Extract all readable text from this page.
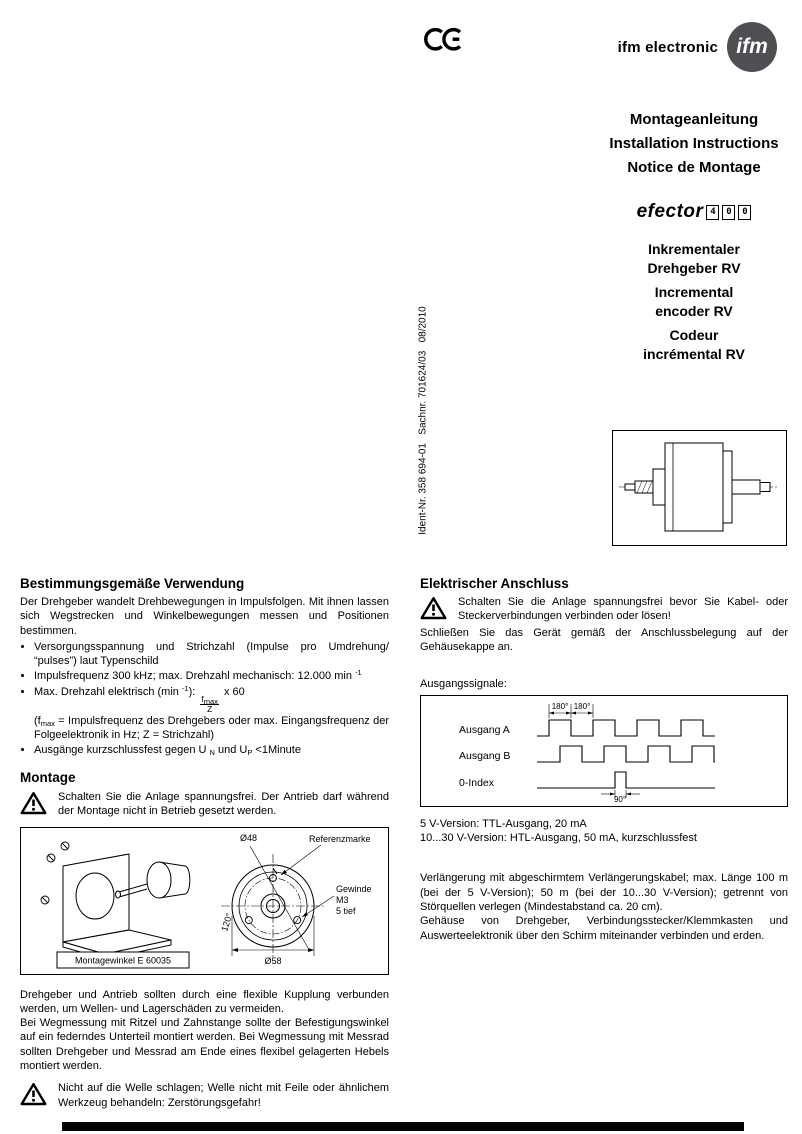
ifm electronic ifm
Montageanleitung
Installation Instructions
Notice de Montage
efector 4	0	0
Inkrementaler
Drehgeber RV
Incremental
encoder RV
Codeur
incrémental RV
Ident-Nr. 358 694-01   Sachnr. 701624/03   08/2010
Bestimmungsgemäße Verwendung

Der Drehgeber wandelt Drehbewegungen in Impulsfolgen. Mit ihnen lassen sich Wegstrecken und Winkelbewegungen messen und Positionen bestimmen.

• Versorgungsspannung und Strichzahl (Impulse pro Umdrehung/ “pulses”) laut Typenschild
• Impulsfrequenz 300 kHz; max. Drehzahl mechanisch: 12.000 min $^{-1}$
• Max. Drehzahl elektrisch (min $^{-1}$):
$\frac{f_{max}}{Z}$
x 60
($f_{max}$ = Impulsfrequenz des Drehgebers oder max. Eingangsfrequenz der Folgeelektronik in Hz; Z = Strichzahl)
• Ausgänge kurzschlussfest gegen U $_N$ und $U_P$ <1Minute
Montage

Schalten Sie die Anlage spannungsfrei. Der Antrieb darf während der Montage nicht in Betrieb gesetzt werden.

Montagewinkel E 60035
Ø48	Referenzmarke
Gewinde
M3
5 tief
120°
Ø58

Drehgeber und Antrieb sollten durch eine flexible Kupplung verbunden werden, um Wellen- und Lagerschäden zu vermeiden.

Bei Wegmessung mit Ritzel und Zahnstange sollte der Befestigungswinkel auf ein federndes Unterteil montiert werden. Bei Wegmessung mit Messrad sollten Drehgeber und Messrad am Ende eines flexibel gelagerten Hebels montiert werden.

Nicht auf die Welle schlagen; Welle nicht mit Feile oder ähnlichem Werkzeug behandeln: Zerstörungsgefahr!

Elektrischer Anschluss

Schalten Sie die Anlage spannungsfrei bevor Sie Kabel- oder Steckerverbindungen verbinden oder lösen!

Schließen Sie das Gerät gemäß der Anschlussbelegung auf der Gehäusekappe an.

Ausgangssignale:

Ausgang A
Ausgang B
0-Index
180° 180°
90°

5 V-Version: TTL-Ausgang, 20 mA

10...30 V-Version: HTL-Ausgang, 50 mA, kurzschlussfest

Verlängerung mit abgeschirmtem Verlängerungskabel; max. Länge 100 m (bei der 5 V-Version); 50 m (bei der 10...30 V-Version); getrennt von Störquellen verlegen (Mindestabstand ca. 20 cm).

Gehäuse von Drehgeber, Verbindungsstecker/Klemmkasten und Auswerteelektronik über den Schirm miteinander verbinden und erden.
